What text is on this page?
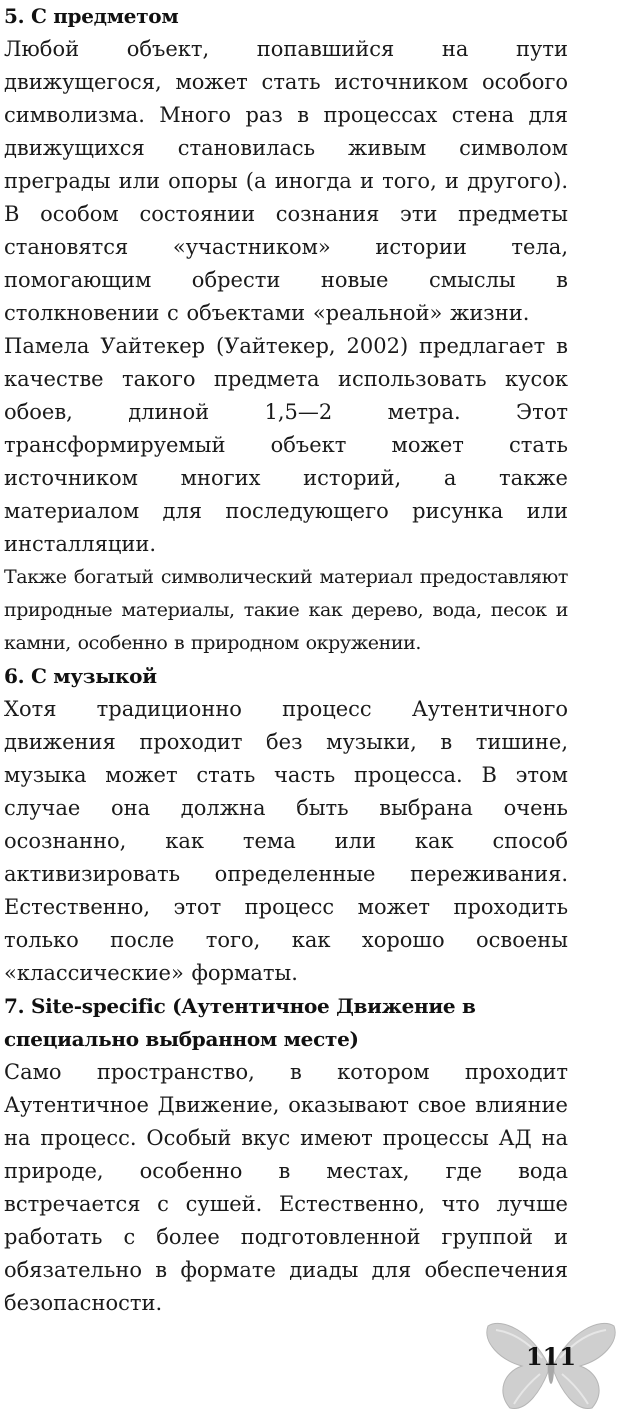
5. С предметом

Любой объект, попавшийся на пути движущегося, может стать источником особого символизма. Много раз в процессах стена для движущихся становилась живым символом преграды или опоры (а иногда и того, и другого). В особом состоянии сознания эти предметы становятся «участником» истории тела, помогающим обрести новые смыслы в столкновении с объектами «реальной» жизни.

Памела Уайтекер (Уайтекер, 2002) предлагает в качестве такого предмета использовать кусок обоев, длиной 1,5—2 метра. Этот трансформируемый объект может стать источником многих историй, а также материалом для последующего рисунка или инсталляции.

Также богатый символический материал предоставляют природные материалы, такие как дерево, вода, песок и камни, особенно в природном окружении.

6. С музыкой

Хотя традиционно процесс Аутентичного движения проходит без музыки, в тишине, музыка может стать часть процесса. В этом случае она должна быть выбрана очень осознанно, как тема или как способ активизировать определенные переживания. Естественно, этот процесс может проходить только после того, как хорошо освоены «классические» форматы.

7. Site-specific (Аутентичное Движение в специально выбранном месте)

Само пространство, в котором проходит Аутентичное Движение, оказывают свое влияние на процесс. Особый вкус имеют процессы АД на природе, особенно в местах, где вода встречается с сушей. Естественно, что лучше работать с более подготовленной группой и обязательно в формате диады для обеспечения безопасности.

111
